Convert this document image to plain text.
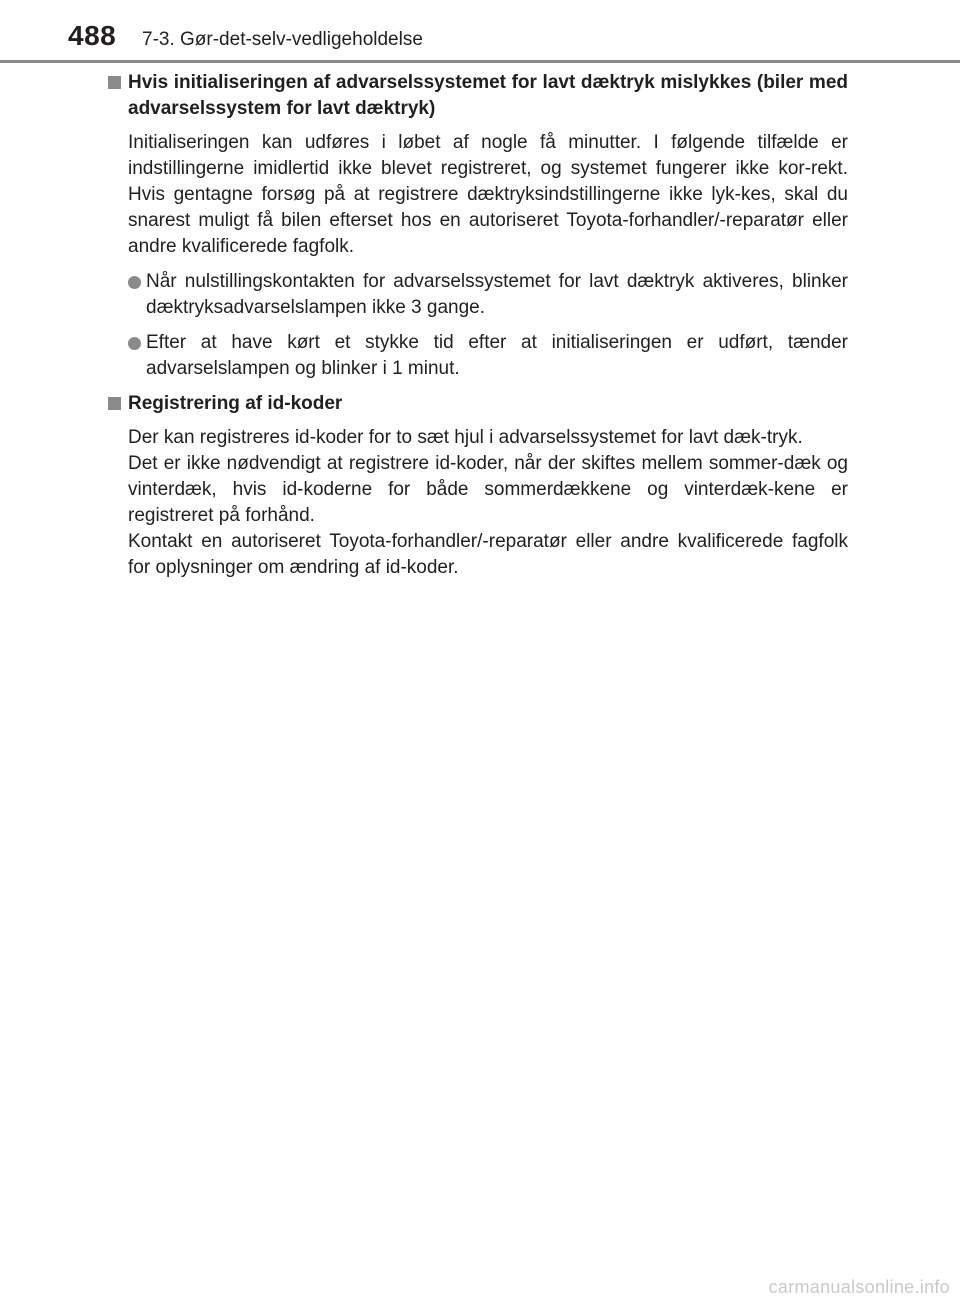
488 7-3. Gør-det-selv-vedligeholdelse
Hvis initialiseringen af advarselssystemet for lavt dæktryk mislykkes (biler med advarselssystem for lavt dæktryk)
Initialiseringen kan udføres i løbet af nogle få minutter. I følgende tilfælde er indstillingerne imidlertid ikke blevet registreret, og systemet fungerer ikke kor-rekt. Hvis gentagne forsøg på at registrere dæktryksindstillingerne ikke lyk-kes, skal du snarest muligt få bilen efterset hos en autoriseret Toyota-forhandler/-reparatør eller andre kvalificerede fagfolk.
Når nulstillingskontakten for advarselssystemet for lavt dæktryk aktiveres, blinker dæktryksadvarselslampen ikke 3 gange.
Efter at have kørt et stykke tid efter at initialiseringen er udført, tænder advarselslampen og blinker i 1 minut.
Registrering af id-koder
Der kan registreres id-koder for to sæt hjul i advarselssystemet for lavt dæk-tryk.
Det er ikke nødvendigt at registrere id-koder, når der skiftes mellem sommer-dæk og vinterdæk, hvis id-koderne for både sommerdækkene og vinterdæk-kene er registreret på forhånd.
Kontakt en autoriseret Toyota-forhandler/-reparatør eller andre kvalificerede fagfolk for oplysninger om ændring af id-koder.
carmanualsonline.info
